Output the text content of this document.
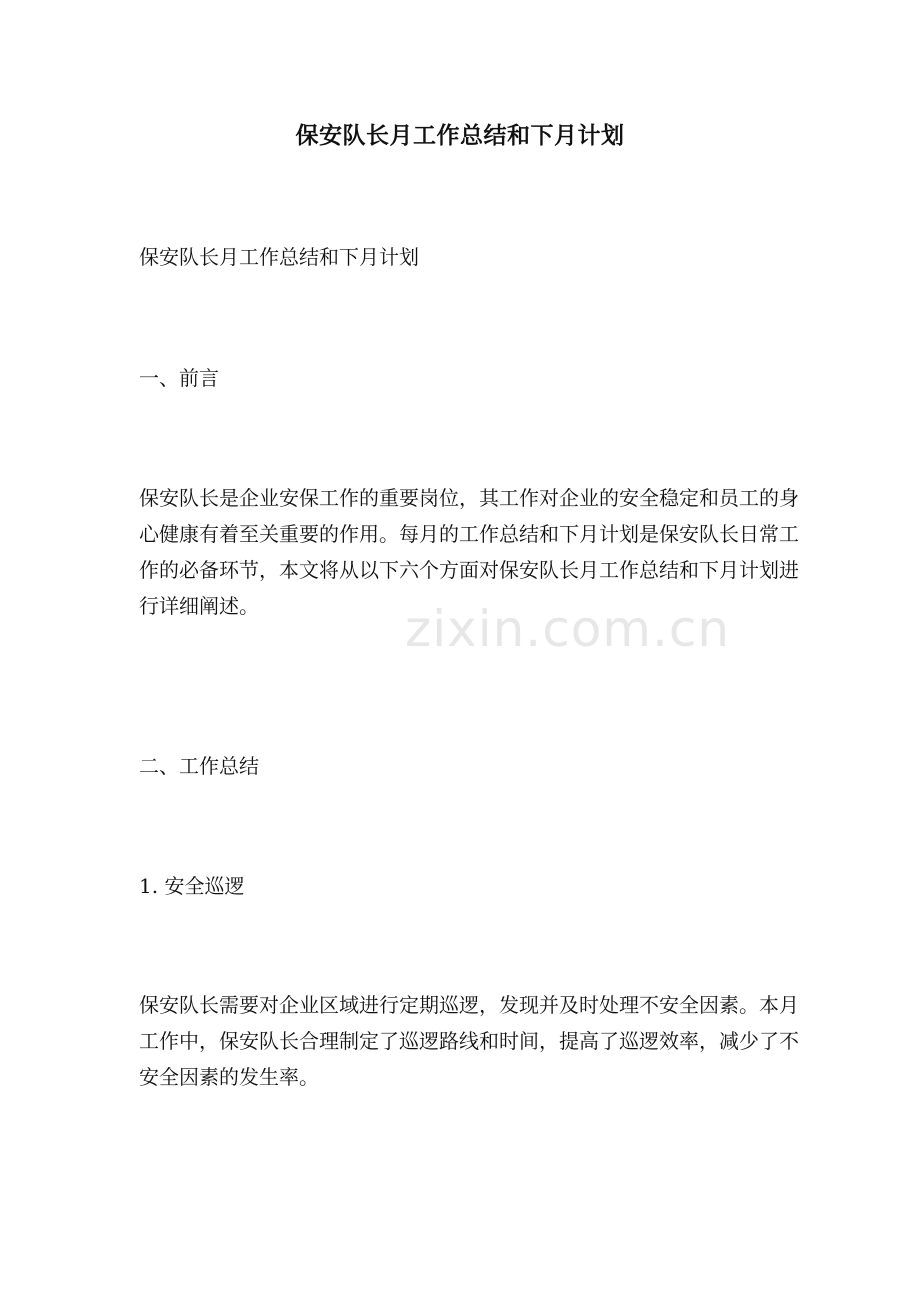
保安队长月工作总结和下月计划
保安队长月工作总结和下月计划
一、前言
保安队长是企业安保工作的重要岗位，其工作对企业的安全稳定和员工的身心健康有着至关重要的作用。每月的工作总结和下月计划是保安队长日常工作的必备环节，本文将从以下六个方面对保安队长月工作总结和下月计划进行详细阐述。
二、工作总结
1. 安全巡逻
保安队长需要对企业区域进行定期巡逻，发现并及时处理不安全因素。本月工作中，保安队长合理制定了巡逻路线和时间，提高了巡逻效率，减少了不安全因素的发生率。
zixin.com.cn
